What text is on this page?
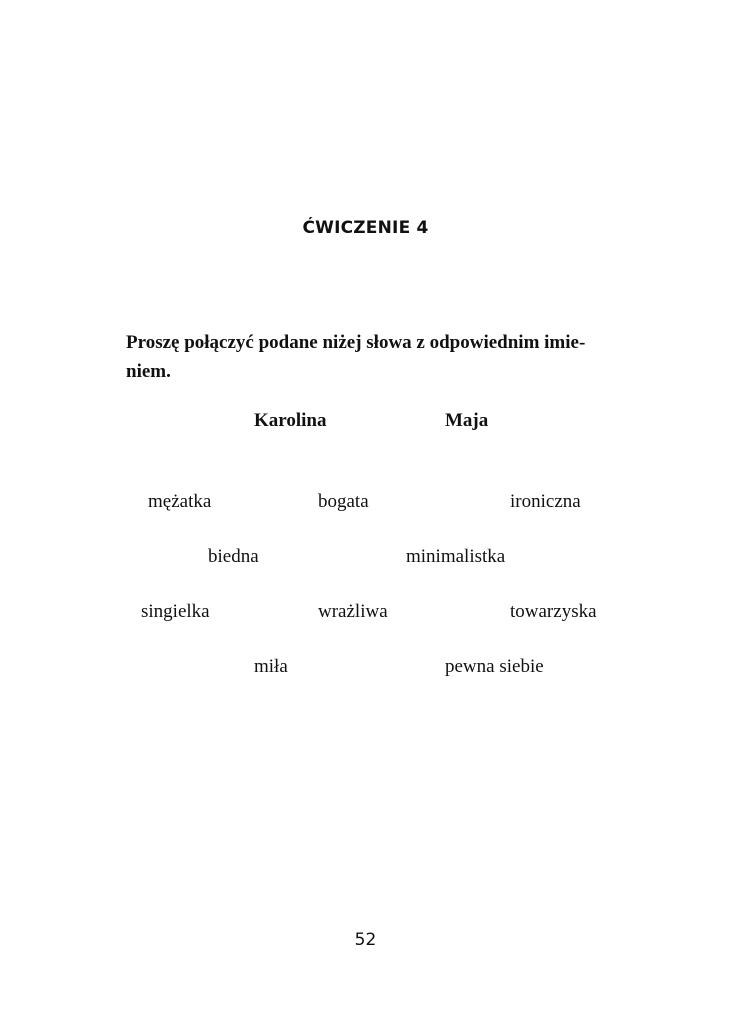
ĆWICZENIE 4
Proszę połączyć podane niżej słowa z odpowiednim imie-
niem.
Karolina	Maja
mężatka	bogata	ironiczna
biedna	minimalistka
singielka	wrażliwa	towarzyska
miła	pewna siebie
52
